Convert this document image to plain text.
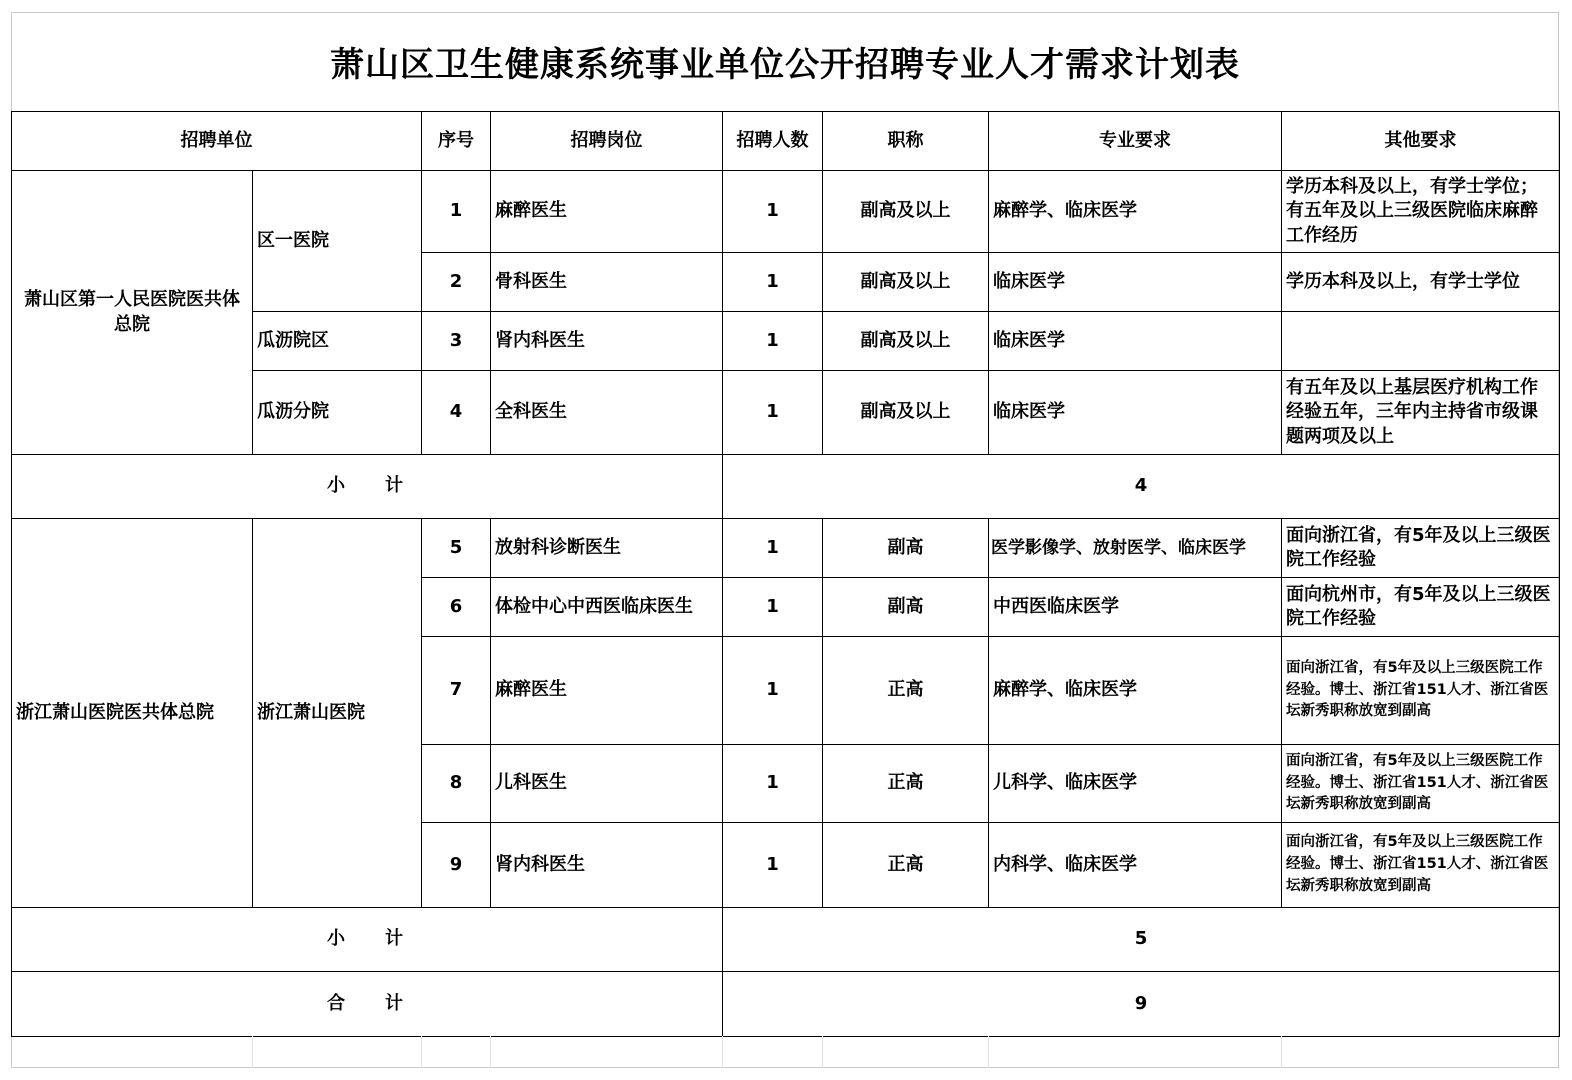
萧山区卫生健康系统事业单位公开招聘专业人才需求计划表
招聘单位		序号	招聘岗位	招聘人数	职称	专业要求	其他要求
萧山区第一人民医院医共体总院	区一医院	1	麻醉医生	1	副高及以上	麻醉学、临床医学	学历本科及以上，有学士学位；有五年及以上三级医院临床麻醉工作经历
		2	骨科医生	1	副高及以上	临床医学	学历本科及以上，有学士学位
	瓜沥院区	3	肾内科医生	1	副高及以上	临床医学	
	瓜沥分院	4	全科医生	1	副高及以上	临床医学	有五年及以上基层医疗机构工作经验五年，三年内主持省市级课题两项及以上
小计				4			
浙江萧山医院医共体总院	浙江萧山医院	5	放射科诊断医生	1	副高	医学影像学、放射医学、临床医学	面向浙江省，有5年及以上三级医院工作经验
		6	体检中心中西医临床医生	1	副高	中西医临床医学	面向杭州市，有5年及以上三级医院工作经验
		7	麻醉医生	1	正高	麻醉学、临床医学	面向浙江省，有5年及以上三级医院工作经验。博士、浙江省151人才、浙江省医坛新秀职称放宽到副高
		8	儿科医生	1	正高	儿科学、临床医学	面向浙江省，有5年及以上三级医院工作经验。博士、浙江省151人才、浙江省医坛新秀职称放宽到副高
		9	肾内科医生	1	正高	内科学、临床医学	面向浙江省，有5年及以上三级医院工作经验。博士、浙江省151人才、浙江省医坛新秀职称放宽到副高
小计				5			
合计				9			
